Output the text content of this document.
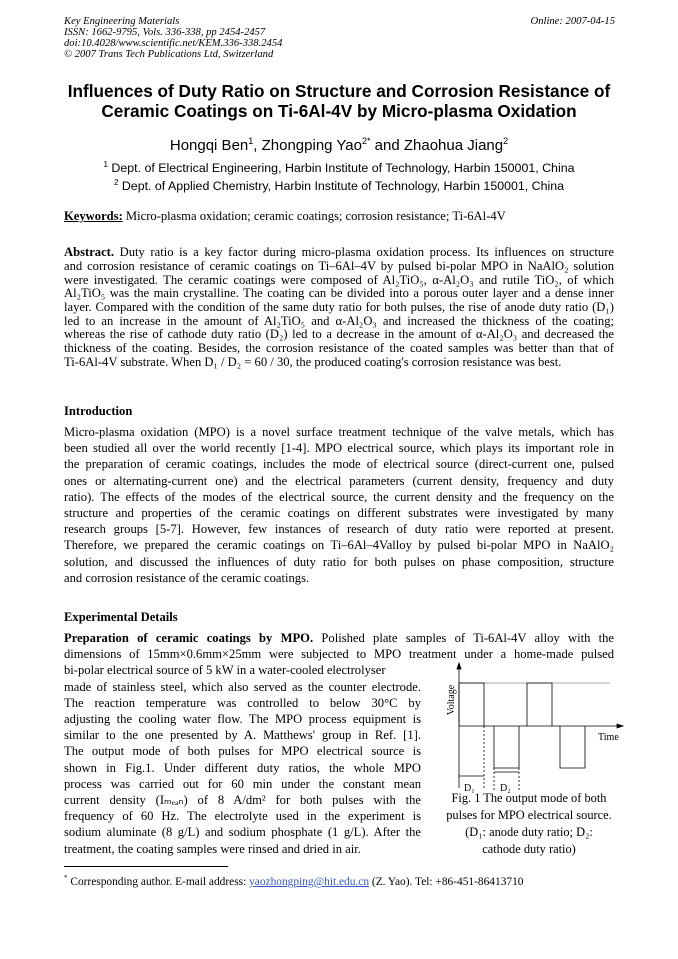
Key Engineering Materials
ISSN: 1662-9795, Vols. 336-338, pp 2454-2457
doi:10.4028/www.scientific.net/KEM.336-338.2454
© 2007 Trans Tech Publications Ltd, Switzerland
Online: 2007-04-15
Influences of Duty Ratio on Structure and Corrosion Resistance of
Ceramic Coatings on Ti-6Al-4V by Micro-plasma Oxidation
Hongqi Ben$^1$, Zhongping Yao$^{2*}$ and Zhaohua Jiang$^2$
$^1$ Dept. of Electrical Engineering, Harbin Institute of Technology, Harbin 150001, China
$^2$ Dept. of Applied Chemistry, Harbin Institute of Technology, Harbin 150001, China
Keywords: Micro-plasma oxidation; ceramic coatings; corrosion resistance; Ti-6Al-4V
Abstract. Duty ratio is a key factor during micro-plasma oxidation process. Its influences on structure
and corrosion resistance of ceramic coatings on Ti–6Al–4V by pulsed bi-polar MPO in NaAlO₂ solution
were investigated. The ceramic coatings were composed of Al₂TiO₅, α-Al₂O₃ and rutile TiO₂, of which
Al₂TiO₅ was the main crystalline. The coating can be divided into a porous outer layer and a dense inner
layer. Compared with the condition of the same duty ratio for both pulses, the rise of anode duty ratio (D₁)
led to an increase in the amount of Al₂TiO₅ and α-Al₂O₃ and increased the thickness of the coating;
whereas the rise of cathode duty ratio (D₂) led to a decrease in the amount of α-Al₂O₃ and decreased the
thickness of the coating. Besides, the corrosion resistance of the coated samples was better than that of
Ti-6Al-4V substrate. When D₁ / D₂ = 60 / 30, the produced coating's corrosion resistance was best.
Introduction
Micro-plasma oxidation (MPO) is a novel surface treatment technique of the valve metals, which has
been studied all over the world recently [1-4]. MPO electrical source, which plays its important role in
the preparation of ceramic coatings, includes the mode of electrical source (direct-current one, pulsed
ones or alternating-current one) and the electrical parameters (current density, frequency and duty
ratio). The effects of the modes of the electrical source, the current density and the frequency on the
structure and properties of the ceramic coatings on different substrates were investigated by many
research groups [5-7]. However, few instances of research of duty ratio were reported at present.
Therefore, we prepared the ceramic coatings on Ti–6Al–4Valloy by pulsed bi-polar MPO in NaAlO₂
solution, and discussed the influences of duty ratio for both pulses on phase composition, structure
and corrosion resistance of the ceramic coatings.
Experimental Details
Preparation of ceramic coatings by MPO. Polished plate samples of Ti-6Al-4V alloy with the
dimensions of 15mm×0.6mm×25mm were subjected to MPO treatment under a home-made pulsed
bi-polar electrical source of 5 kW in a water-cooled electrolyser
made of stainless steel, which also served as the counter electrode.
The reaction temperature was controlled to below 30°C by
adjusting the cooling water flow. The MPO process equipment is
similar to the one presented by A. Matthews' group in Ref. [1].
The output mode of both pulses for MPO electrical source is
shown in Fig.1. Under different duty ratios, the whole MPO
process was carried out for 60 min under the constant mean
current density (Iₘₑₐₙ) of 8 A/dm² for both pulses with the
frequency of 60 Hz. The electrolyte used in the experiment is
sodium aluminate (8 g/L) and sodium phosphate (1 g/L). After the
treatment, the coating samples were rinsed and dried in air.
Voltage
Time
D₁	D₂
Fig. 1 The output mode of both
pulses for MPO electrical source.
(D₁: anode duty ratio; D₂:
cathode duty ratio)
* Corresponding author. E-mail address: yaozhongping@hit.edu.cn (Z. Yao). Tel: +86-451-86413710
